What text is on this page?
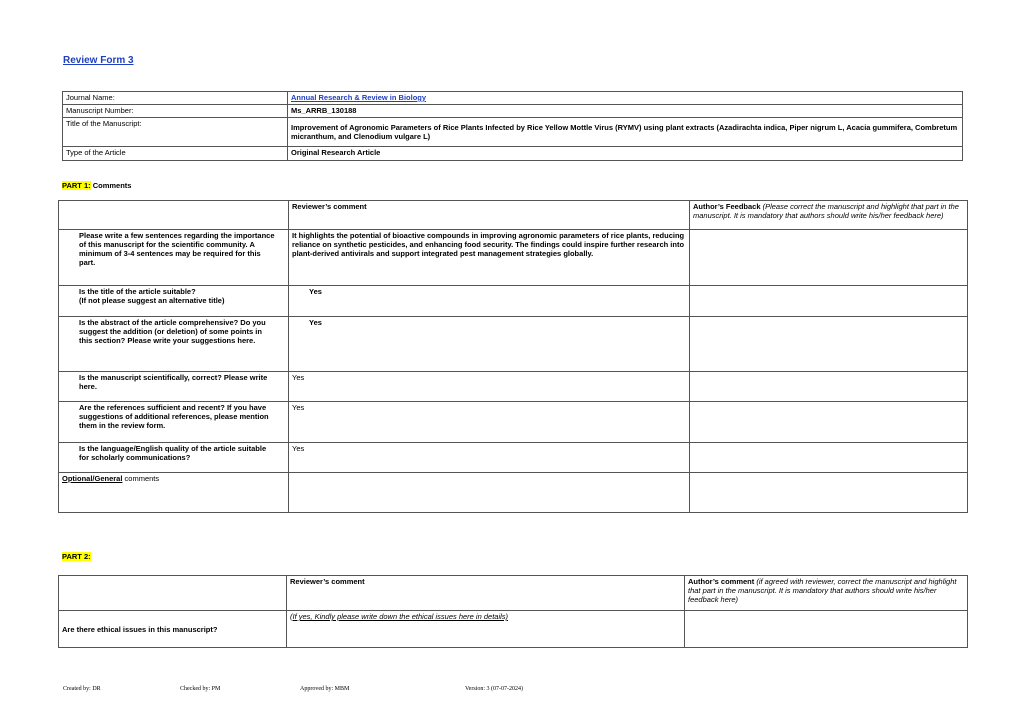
Review Form 3
Journal Name:	Annual Research & Review in Biology
Manuscript Number:	Ms_ARRB_130188
Title of the Manuscript:	Improvement of Agronomic Parameters of Rice Plants Infected by Rice Yellow Mottle Virus (RYMV) using plant extracts (Azadirachta indica, Piper nigrum L, Acacia gummifera, Combretum micranthum, and Clenodium vulgare L)
Type of the Article	Original Research Article
PART 1: Comments
	Reviewer’s comment	Author’s Feedback (Please correct the manuscript and highlight that part in the manuscript. It is mandatory that authors should write his/her feedback here)
Please write a few sentences regarding the importance of this manuscript for the scientific community. A minimum of 3-4 sentences may be required for this part.	It highlights the potential of bioactive compounds in improving agronomic parameters of rice plants, reducing reliance on synthetic pesticides, and enhancing food security. The findings could inspire further research into plant-derived antivirals and support integrated pest management strategies globally.	
Is the title of the article suitable?
(If not please suggest an alternative title)	Yes	
Is the abstract of the article comprehensive? Do you suggest the addition (or deletion) of some points in this section? Please write your suggestions here.	Yes	
Is the manuscript scientifically, correct? Please write here.	Yes	
Are the references sufficient and recent? If you have suggestions of additional references, please mention them in the review form.	Yes	
Is the language/English quality of the article suitable for scholarly communications?	Yes	
Optional/General comments		
PART 2:
	Reviewer’s comment	Author’s comment (if agreed with reviewer, correct the manuscript and highlight that part in the manuscript. It is mandatory that authors should write his/her feedback here)
Are there ethical issues in this manuscript?	(If yes, Kindly please write down the ethical issues here in details)	
Created by: DR	Checked by: PM	Approved by: MBM	Version: 3 (07-07-2024)
